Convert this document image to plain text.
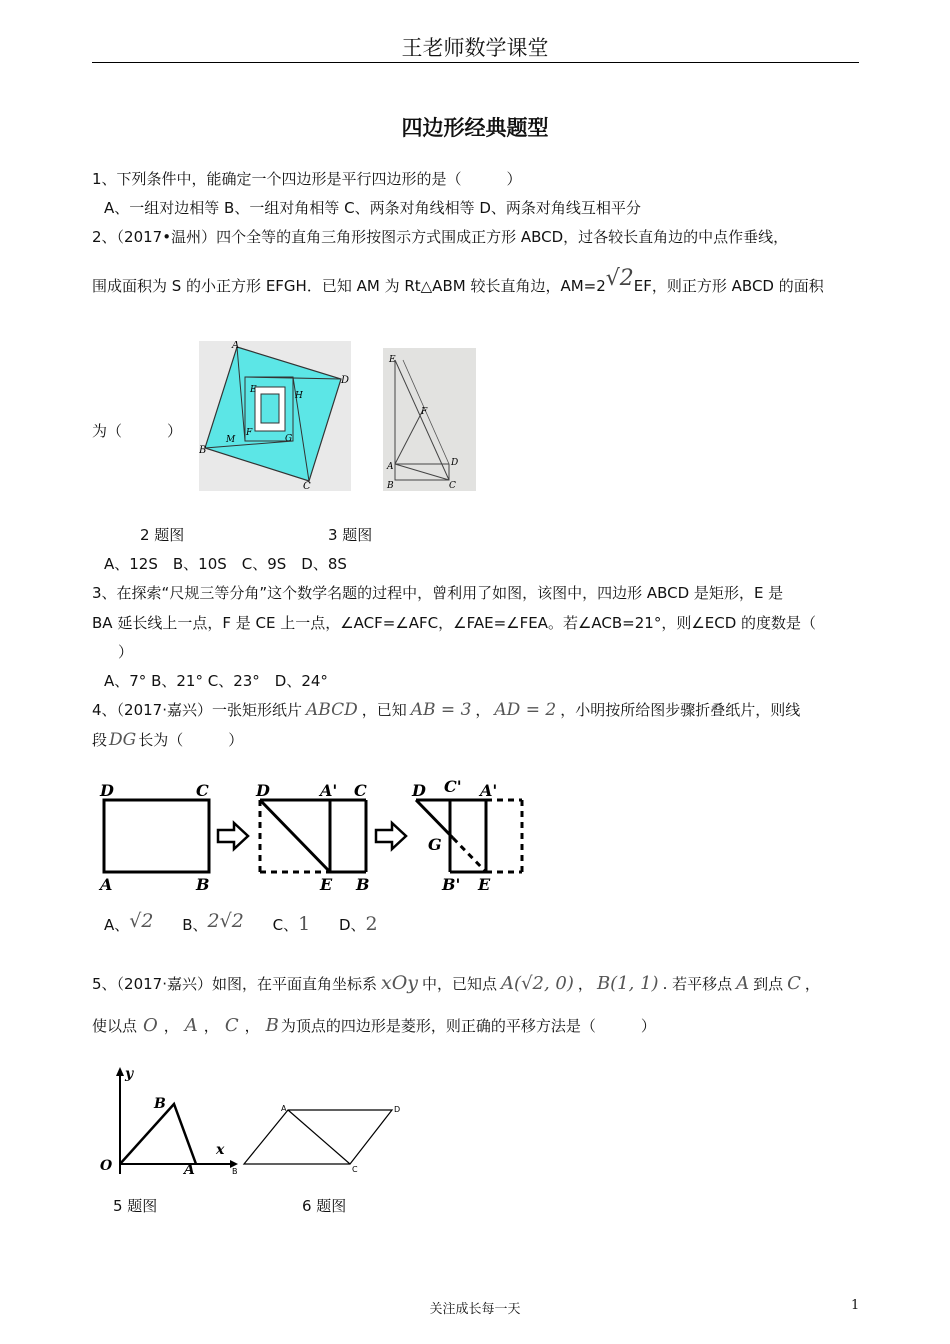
王老师数学课堂
四边形经典题型
1、下列条件中，能确定一个四边形是平行四边形的是（　　　）
A、一组对边相等 B、一组对角相等 C、两条对角线相等 D、两条对角线互相平分
2、（2017•温州）四个全等的直角三角形按图示方式围成正方形 ABCD，过各较长直角边的中点作垂线，
围成面积为 S 的小正方形 EFGH．已知 AM 为 Rt△ABM 较长直角边，AM=2√2EF，则正方形 ABCD 的面积
为（　　　）
A
D
B
C
E
H
F
G
M
E
F
A	D
B	C
2 题图	3 题图
A、12S　B、10S　C、9S　D、8S
3、在探索“尺规三等分角”这个数学名题的过程中，曾利用了如图，该图中，四边形 ABCD 是矩形，E 是
BA 延长线上一点，F 是 CE 上一点，∠ACF=∠AFC，∠FAE=∠FEA。若∠ACB=21°，则∠ECD 的度数是（
）
A、7° B、21° C、23°　D、24°
4、（2017·嘉兴）一张矩形纸片 ABCD ，已知 AB = 3 ， AD = 2 ，小明按所给图步骤折叠纸片，则线
段 DG 长为（　　　）
D	C
A	B
D	A' C
E B
D C' A'
G
B' E
A、√2 B、2√2 C、1 D、2
5、（2017·嘉兴）如图，在平面直角坐标系 xOy 中，已知点 A(√2, 0) ， B(1, 1) . 若平移点 A 到点 C ，
使以点 O ， A ， C ， B 为顶点的四边形是菱形，则正确的平移方法是（　　　）
y
x
O
B
A
A	D
B	C
5 题图	6 题图
关注成长每一天	1
